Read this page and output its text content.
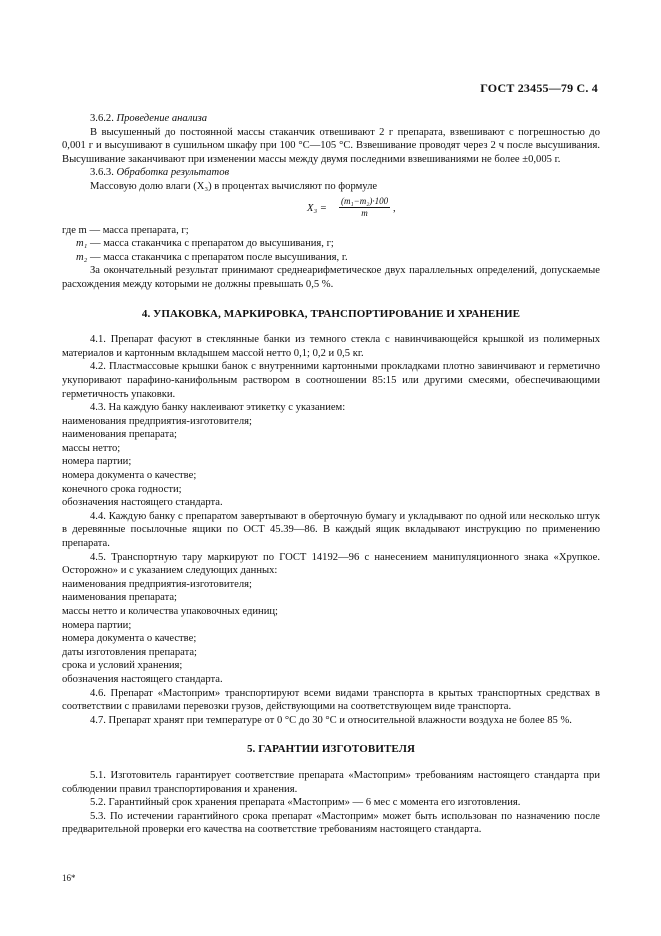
ГОСТ 23455—79 С. 4

3.6.2. Проведение анализа

В высушенный до постоянной массы стаканчик отвешивают 2 г препарата, взвешивают с погрешностью до 0,001 г и высушивают в сушильном шкафу при 100 °С—105 °С. Взвешивание проводят через 2 ч после высушивания. Высушивание заканчивают при изменении массы между двумя последними взвешиваниями не более ±0,005 г.

3.6.3. Обработка результатов

Массовую долю влаги (X₃) в процентах вычисляют по формуле

X₃ =
(m₁−m₂)·100
m	,

где m — масса препарата, г;

m₁ — масса стаканчика с препаратом до высушивания, г;
m₂ — масса стаканчика с препаратом после высушивания, г.

За окончательный результат принимают среднеарифметическое двух параллельных определений, допускаемые расхождения между которыми не должны превышать 0,5 %.

4. УПАКОВКА, МАРКИРОВКА, ТРАНСПОРТИРОВАНИЕ И ХРАНЕНИЕ

4.1. Препарат фасуют в стеклянные банки из темного стекла с навинчивающейся крышкой из полимерных материалов и картонным вкладышем массой нетто 0,1; 0,2 и 0,5 кг.

4.2. Пластмассовые крышки банок с внутренними картонными прокладками плотно завинчивают и герметично укупоривают парафино-канифольным раствором в соотношении 85:15 или другими смесями, обеспечивающими герметичность упаковки.

4.3. На каждую банку наклеивают этикетку с указанием:

наименования предприятия-изготовителя;
наименования препарата;
массы нетто;
номера партии;
номера документа о качестве;
конечного срока годности;
обозначения настоящего стандарта.

4.4. Каждую банку с препаратом завертывают в оберточную бумагу и укладывают по одной или несколько штук в деревянные посылочные ящики по ОСТ 45.39—86. В каждый ящик вкладывают инструкцию по применению препарата.

4.5. Транспортную тару маркируют по ГОСТ 14192—96 с нанесением манипуляционного знака «Хрупкое. Осторожно» и с указанием следующих данных:

наименования предприятия-изготовителя;
наименования препарата;
массы нетто и количества упаковочных единиц;
номера партии;
номера документа о качестве;
даты изготовления препарата;
срока и условий хранения;
обозначения настоящего стандарта.

4.6. Препарат «Мастоприм» транспортируют всеми видами транспорта в крытых транспортных средствах в соответствии с правилами перевозки грузов, действующими на соответствующем виде транспорта.

4.7. Препарат хранят при температуре от 0 °С до 30 °С и относительной влажности воздуха не более 85 %.

5. ГАРАНТИИ ИЗГОТОВИТЕЛЯ

5.1. Изготовитель гарантирует соответствие препарата «Мастоприм» требованиям настоящего стандарта при соблюдении правил транспортирования и хранения.

5.2. Гарантийный срок хранения препарата «Мастоприм» — 6 мес с момента его изготовления.

5.3. По истечении гарантийного срока препарат «Мастоприм» может быть использован по назначению после предварительной проверки его качества на соответствие требованиям настоящего стандарта.

16*
